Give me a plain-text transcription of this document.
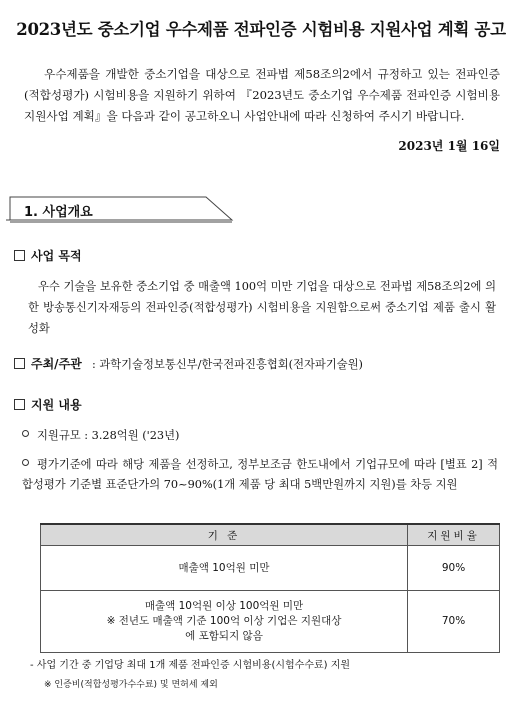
2023년도 중소기업 우수제품 전파인증 시험비용 지원사업 계획 공고
우수제품을 개발한 중소기업을 대상으로 전파법 제58조의2에서 규정하고 있는 전파인증(적합성평가) 시험비용을 지원하기 위하여 『2023년도 중소기업 우수제품 전파인증 시험비용 지원사업 계획』을 다음과 같이 공고하오니 사업안내에 따라 신청하여 주시기 바랍니다.
2023년 1월 16일
1. 사업개요
사업 목적
우수 기술을 보유한 중소기업 중 매출액 100억 미만 기업을 대상으로 전파법 제58조의2에 의한 방송통신기자재등의 전파인증(적합성평가) 시험비용을 지원함으로써 중소기업 제품 출시 활성화
주최/주관 : 과학기술정보통신부/한국전파진흥협회(전자파기술원)
지원 내용
지원규모 : 3.28억원 ('23년)
평가기준에 따라 해당 제품을 선정하고, 정부보조금 한도내에서 기업규모에 따라 [별표 2] 적합성평가 기준별 표준단가의 70~90%(1개 제품 당 최대 5백만원까지 지원)를 차등 지원
기 준	지원비율

매출액 10억원 미만	90%

매출액 10억원 이상 100억원 미만
※ 전년도 매출액 기준 100억 이상 기업은 지원대상에 포함되지 않음	70%
- 사업 기간 중 기업당 최대 1개 제품 전파인증 시험비용(시험수수료) 지원
※ 인증비(적합성평가수수료) 및 면허세 제외
